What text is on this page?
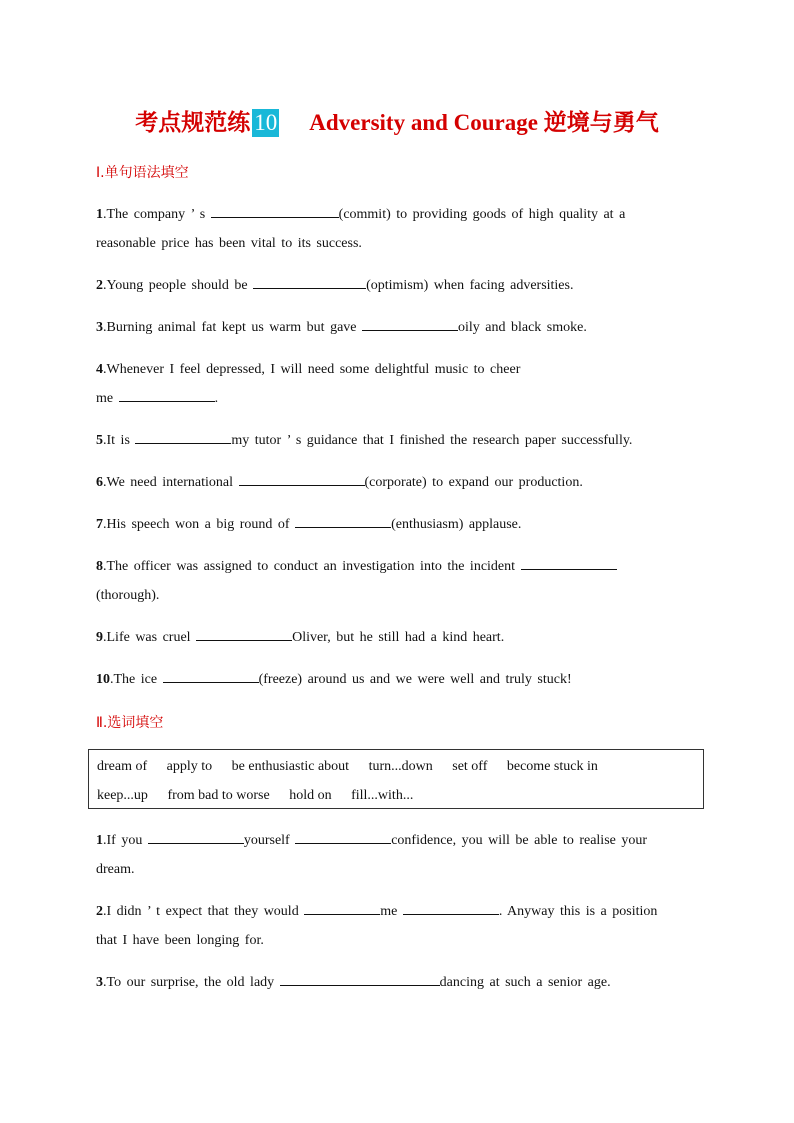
考点规范练 10 Adversity and Courage 逆境与勇气
Ⅰ.单句语法填空
1.The company ’ s	(commit) to providing goods of high quality at a
reasonable price has been vital to its success.
2.Young people should be	(optimism) when facing adversities.
3.Burning animal fat kept us warm but gave	oily and black smoke.
4.Whenever I feel depressed, I will need some delightful music to cheer
me	.
5.It is	my tutor ’ s guidance that I finished the research paper successfully.
6.We need international	(corporate) to expand our production.
7.His speech won a big round of	(enthusiasm) applause.
8.The officer was assigned to conduct an investigation into the incident
(thorough).
9.Life was cruel	Oliver, but he still had a kind heart.
10.The ice	(freeze) around us and we were well and truly stuck!
Ⅱ.选词填空
dream of apply to be enthusiastic about turn...down set off become stuck in
keep...up from bad to worse hold on fill...with...
1.If you	yourself	confidence, you will be able to realise your
dream.
2.I didn ’ t expect that they would	me	. Anyway this is a position
that I have been longing for.
3.To our surprise, the old lady	dancing at such a senior age.
